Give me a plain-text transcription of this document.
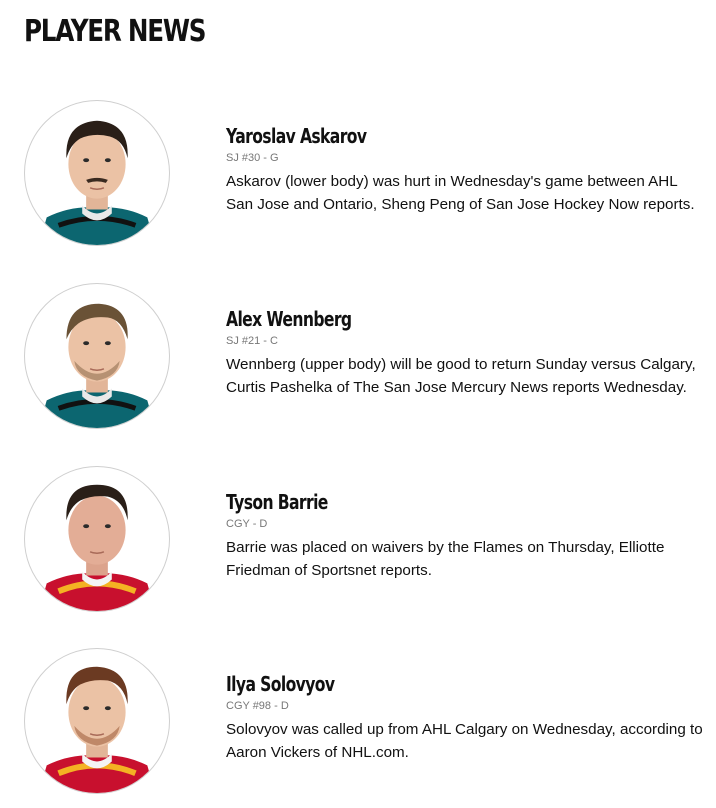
PLAYER NEWS
Yaroslav Askarov
SJ #30 - G
Askarov (lower body) was hurt in Wednesday's game between AHL San Jose and Ontario, Sheng Peng of San Jose Hockey Now reports.
Alex Wennberg
SJ #21 - C
Wennberg (upper body) will be good to return Sunday versus Calgary, Curtis Pashelka of The San Jose Mercury News reports Wednesday.
Tyson Barrie
CGY - D
Barrie was placed on waivers by the Flames on Thursday, Elliotte Friedman of Sportsnet reports.
Ilya Solovyov
CGY #98 - D
Solovyov was called up from AHL Calgary on Wednesday, according to Aaron Vickers of NHL.com.
